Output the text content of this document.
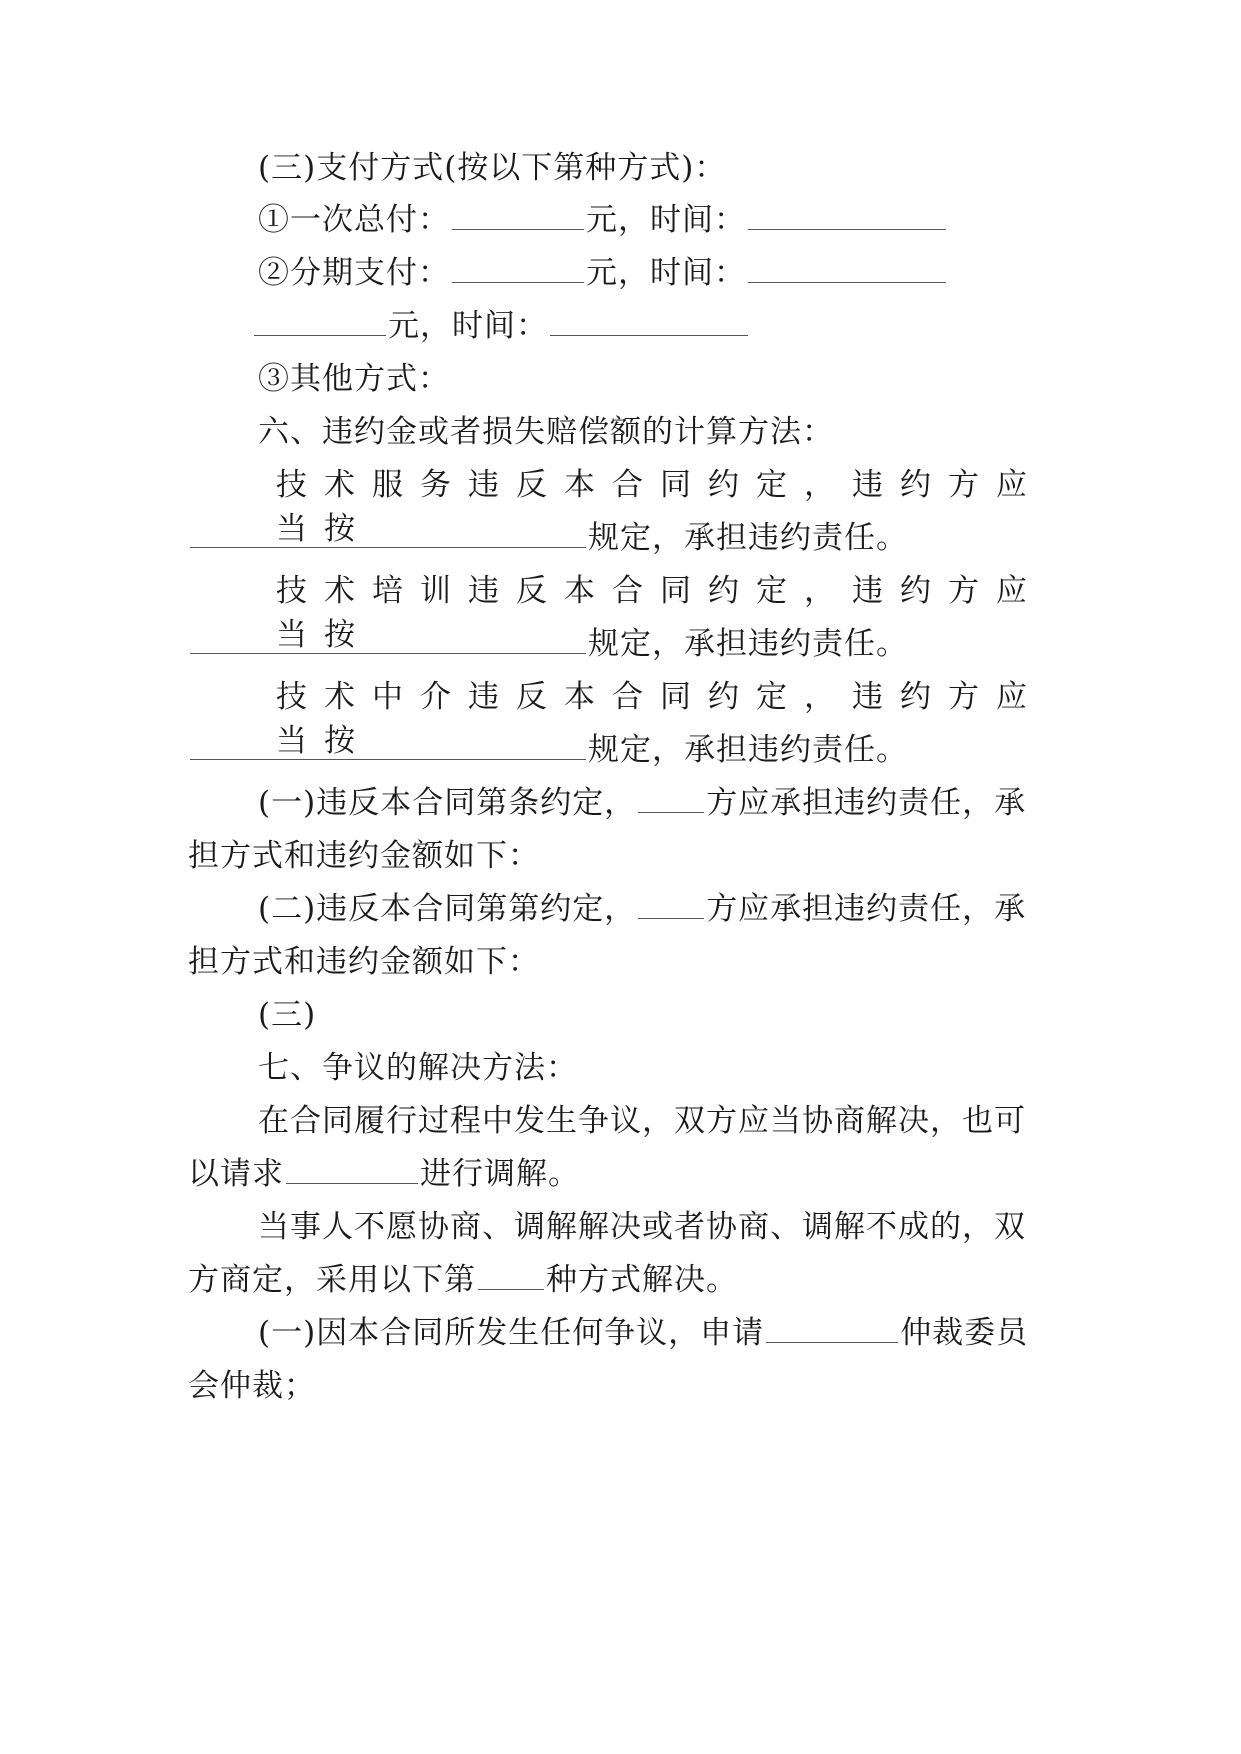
(三)支付方式(按以下第种方式)：
①一次总付：	元，时间：
②分期支付：	元，时间：
元，时间：
③其他方式：
六、违约金或者损失赔偿额的计算方法：
技术服务违反本合同约定，违约方应当按	规定，承担违约责任。
技术培训违反本合同约定，违约方应当按	规定，承担违约责任。
技术中介违反本合同约定，违约方应当按	规定，承担违约责任。
(一)违反本合同第条约定， 方应承担违约责任，承
担方式和违约金额如下：
(二)违反本合同第第约定， 方应承担违约责任，承
担方式和违约金额如下：
(三)
七、争议的解决方法：
在合同履行过程中发生争议，双方应当协商解决，也可
以请求	进行调解。
当事人不愿协商、调解解决或者协商、调解不成的，双
方商定，采用以下第 种方式解决。
(一)因本合同所发生任何争议，申请	仲裁委员
会仲裁；
